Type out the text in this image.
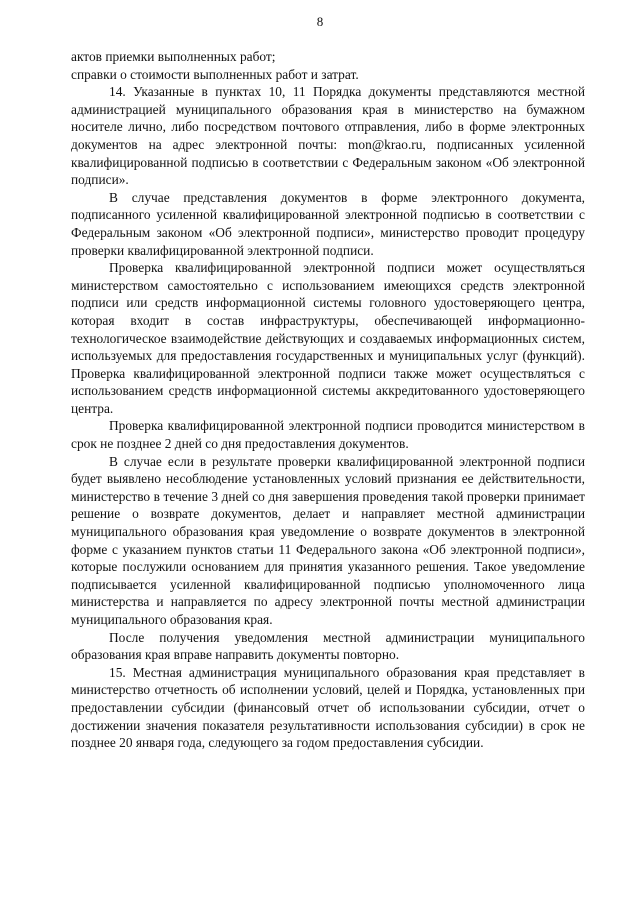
8

актов приемки выполненных работ;

справки о стоимости выполненных работ и затрат.

14. Указанные в пунктах 10, 11 Порядка документы представляются местной администрацией муниципального образования края в министерство на бумажном носителе лично, либо посредством почтового отправления, либо в форме электронных документов на адрес электронной почты: mon@krao.ru, подписанных усиленной квалифицированной подписью в соответствии с Федеральным законом «Об электронной подписи».

В случае представления документов в форме электронного документа, подписанного усиленной квалифицированной электронной подписью в соответствии с Федеральным законом «Об электронной подписи», министерство проводит процедуру проверки квалифицированной электронной подписи.

Проверка квалифицированной электронной подписи может осуществляться министерством самостоятельно с использованием имеющихся средств электронной подписи или средств информационной системы головного удостоверяющего центра, которая входит в состав инфраструктуры, обеспечивающей информационно-технологическое взаимодействие действующих и создаваемых информационных систем, используемых для предоставления государственных и муниципальных услуг (функций). Проверка квалифицированной электронной подписи также может осуществляться с использованием средств информационной системы аккредитованного удостоверяющего центра.

Проверка квалифицированной электронной подписи проводится министерством в срок не позднее 2 дней со дня предоставления документов.

В случае если в результате проверки квалифицированной электронной подписи будет выявлено несоблюдение установленных условий признания ее действительности, министерство в течение 3 дней со дня завершения проведения такой проверки принимает решение о возврате документов, делает и направляет местной администрации муниципального образования края уведомление о возврате документов в электронной форме с указанием пунктов статьи 11 Федерального закона «Об электронной подписи», которые послужили основанием для принятия указанного решения. Такое уведомление подписывается усиленной квалифицированной подписью уполномоченного лица министерства и направляется по адресу электронной почты местной администрации муниципального образования края.

После получения уведомления местной администрации муниципального образования края вправе направить документы повторно.

15. Местная администрация муниципального образования края представляет в министерство отчетность об исполнении условий, целей и Порядка, установленных при предоставлении субсидии (финансовый отчет об использовании субсидии, отчет о достижении значения показателя результативности использования субсидии) в срок не позднее 20 января года, следующего за годом предоставления субсидии.
